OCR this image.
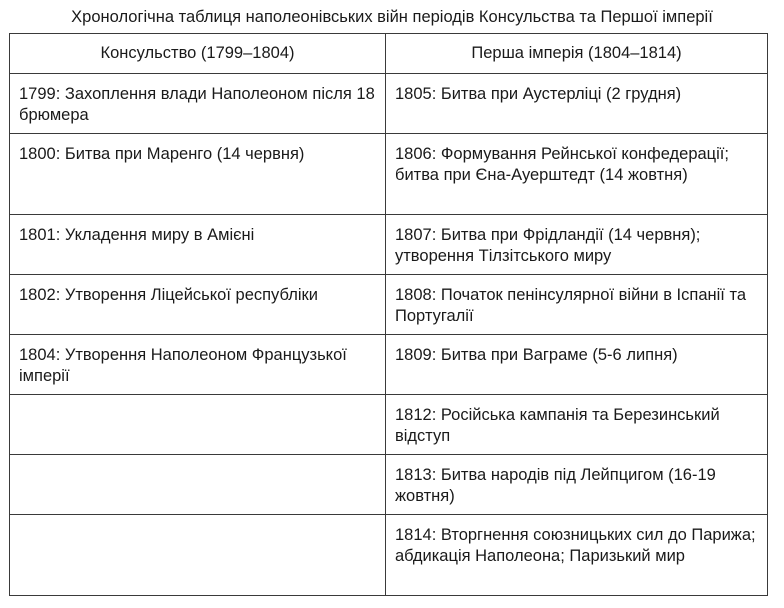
Хронологічна таблиця наполеонівських війн періодів Консульства та Першої імперії
Консульство (1799–1804)	Перша імперія (1804–1814)
1799: Захоплення влади Наполеоном після 18 брюмера	1805: Битва при Аустерліці (2 грудня)
1800: Битва при Маренго (14 червня)	1806: Формування Рейнської конфедерації; битва при Єна-Ауерштедт (14 жовтня)
1801: Укладення миру в Амієні	1807: Битва при Фрідландії (14 червня); утворення Тілзітського миру
1802: Утворення Ліцейської республіки	1808: Початок пенінсулярної війни в Іспанії та Португалії
1804: Утворення Наполеоном Французької імперії	1809: Битва при Ваграме (5-6 липня)
	1812: Російська кампанія та Березинський відступ
	1813: Битва народів під Лейпцигом (16-19 жовтня)
	1814: Вторгнення союзницьких сил до Парижа; абдикація Наполеона; Паризький мир
